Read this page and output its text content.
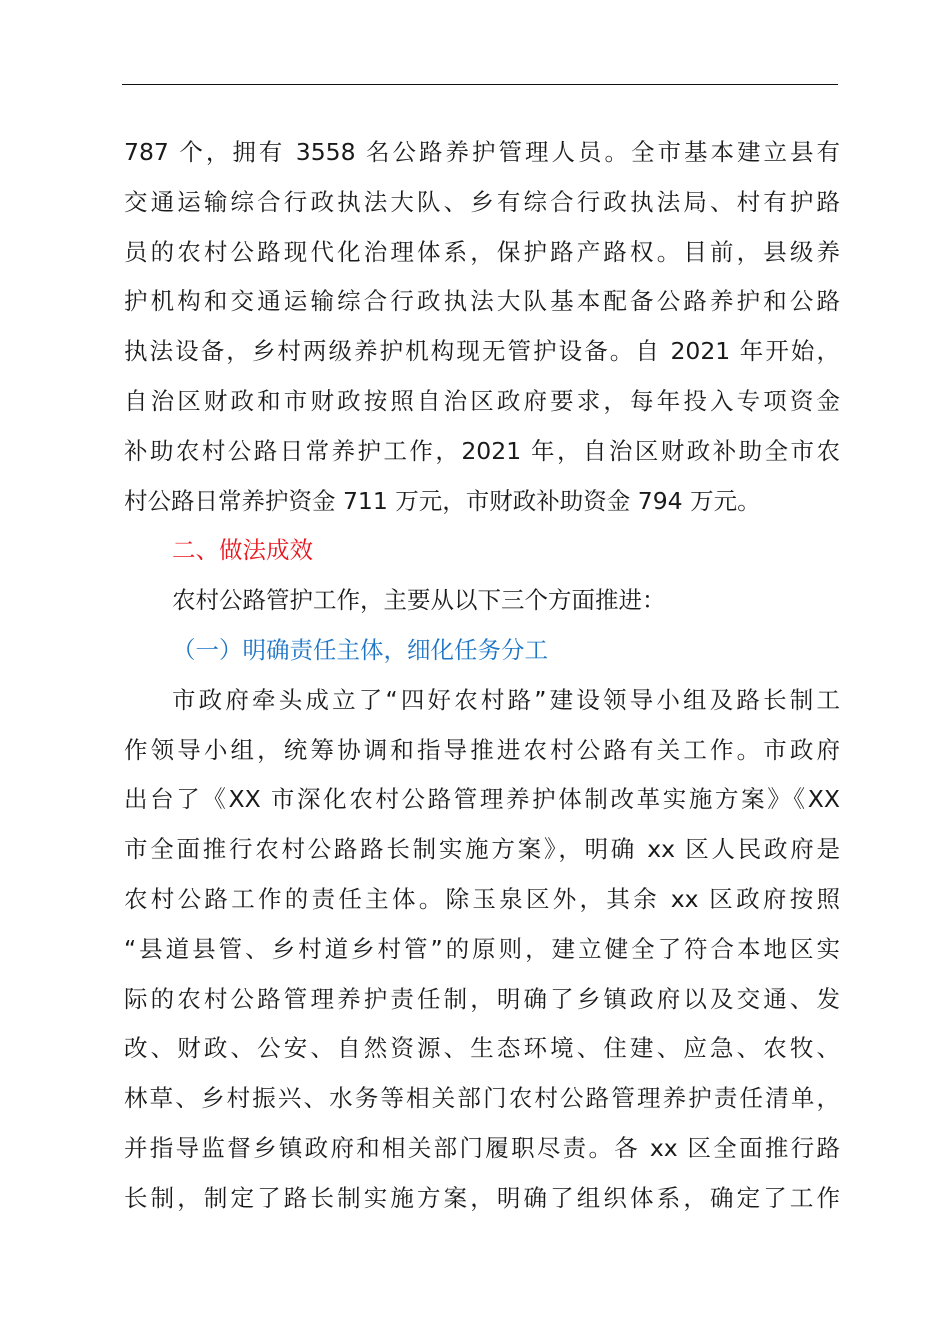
787 个，拥有 3558 名公路养护管理人员。全市基本建立县有
交通运输综合行政执法大队、乡有综合行政执法局、村有护路
员的农村公路现代化治理体系，保护路产路权。目前，县级养
护机构和交通运输综合行政执法大队基本配备公路养护和公路
执法设备，乡村两级养护机构现无管护设备。自 2021 年开始，
自治区财政和市财政按照自治区政府要求，每年投入专项资金
补助农村公路日常养护工作，2021 年，自治区财政补助全市农
村公路日常养护资金 711 万元，市财政补助资金 794 万元。
二、做法成效
农村公路管护工作，主要从以下三个方面推进：
（一）明确责任主体，细化任务分工
市政府牵头成立了“四好农村路”建设领导小组及路长制工
作领导小组，统筹协调和指导推进农村公路有关工作。市政府
出台了《XX 市深化农村公路管理养护体制改革实施方案》《XX
市全面推行农村公路路长制实施方案》，明确 xx 区人民政府是
农村公路工作的责任主体。除玉泉区外，其余 xx 区政府按照
“县道县管、乡村道乡村管”的原则，建立健全了符合本地区实
际的农村公路管理养护责任制，明确了乡镇政府以及交通、发
改、财政、公安、自然资源、生态环境、住建、应急、农牧、
林草、乡村振兴、水务等相关部门农村公路管理养护责任清单，
并指导监督乡镇政府和相关部门履职尽责。各 xx 区全面推行路
长制，制定了路长制实施方案，明确了组织体系，确定了工作
